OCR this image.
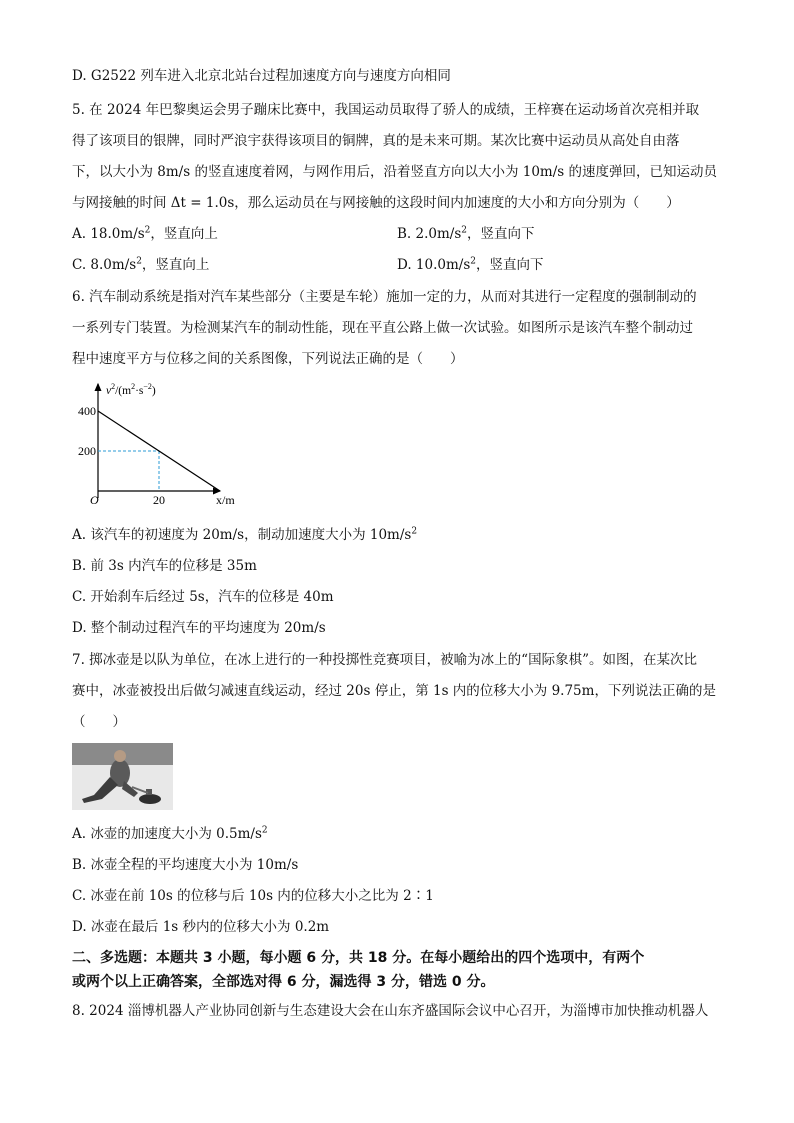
D. G2522 列车进入北京北站台过程加速度方向与速度方向相同
5. 在 2024 年巴黎奥运会男子蹦床比赛中，我国运动员取得了骄人的成绩，王梓赛在运动场首次亮相并取
得了该项目的银牌，同时严浪宇获得该项目的铜牌，真的是未来可期。某次比赛中运动员从高处自由落
下，以大小为 8m/s 的竖直速度着网，与网作用后，沿着竖直方向以大小为 10m/s 的速度弹回，已知运动员
与网接触的时间 Δt = 1.0s，那么运动员在与网接触的这段时间内加速度的大小和方向分别为（　　）
A. $18.0m/s^2$，竖直向上	B. $2.0m/s^2$，竖直向下
C. $8.0m/s^2$，竖直向上	D. $10.0m/s^2$，竖直向下
6. 汽车制动系统是指对汽车某些部分（主要是车轮）施加一定的力，从而对其进行一定程度的强制制动的
一系列专门装置。为检测某汽车的制动性能，现在平直公路上做一次试验。如图所示是该汽车整个制动过
程中速度平方与位移之间的关系图像，下列说法正确的是（　　）
400
200
20
O	x/m
$v^2/(m^2\cdot s^{-2})$
A. 该汽车的初速度为 20m/s，制动加速度大小为 $10m/s^2$
B. 前 3s 内汽车的位移是 35m
C. 开始刹车后经过 5s，汽车的位移是 40m
D. 整个制动过程汽车的平均速度为 20m/s
7. 掷冰壶是以队为单位，在冰上进行的一种投掷性竞赛项目，被喻为冰上的“国际象棋”。如图，在某次比
赛中，冰壶被投出后做匀减速直线运动，经过 20s 停止，第 1s 内的位移大小为 9.75m，下列说法正确的是
（　　）
A. 冰壶的加速度大小为 $0.5m/s^2$
B. 冰壶全程的平均速度大小为 10m/s
C. 冰壶在前 10s 的位移与后 10s 内的位移大小之比为 2∶1
D. 冰壶在最后 1s 秒内的位移大小为 0.2m
二、多选题：本题共 3 小题，每小题 6 分，共 18 分。在每小题给出的四个选项中，有两个
或两个以上正确答案，全部选对得 6 分，漏选得 3 分，错选 0 分。
8. 2024 淄博机器人产业协同创新与生态建设大会在山东齐盛国际会议中心召开，为淄博市加快推动机器人
